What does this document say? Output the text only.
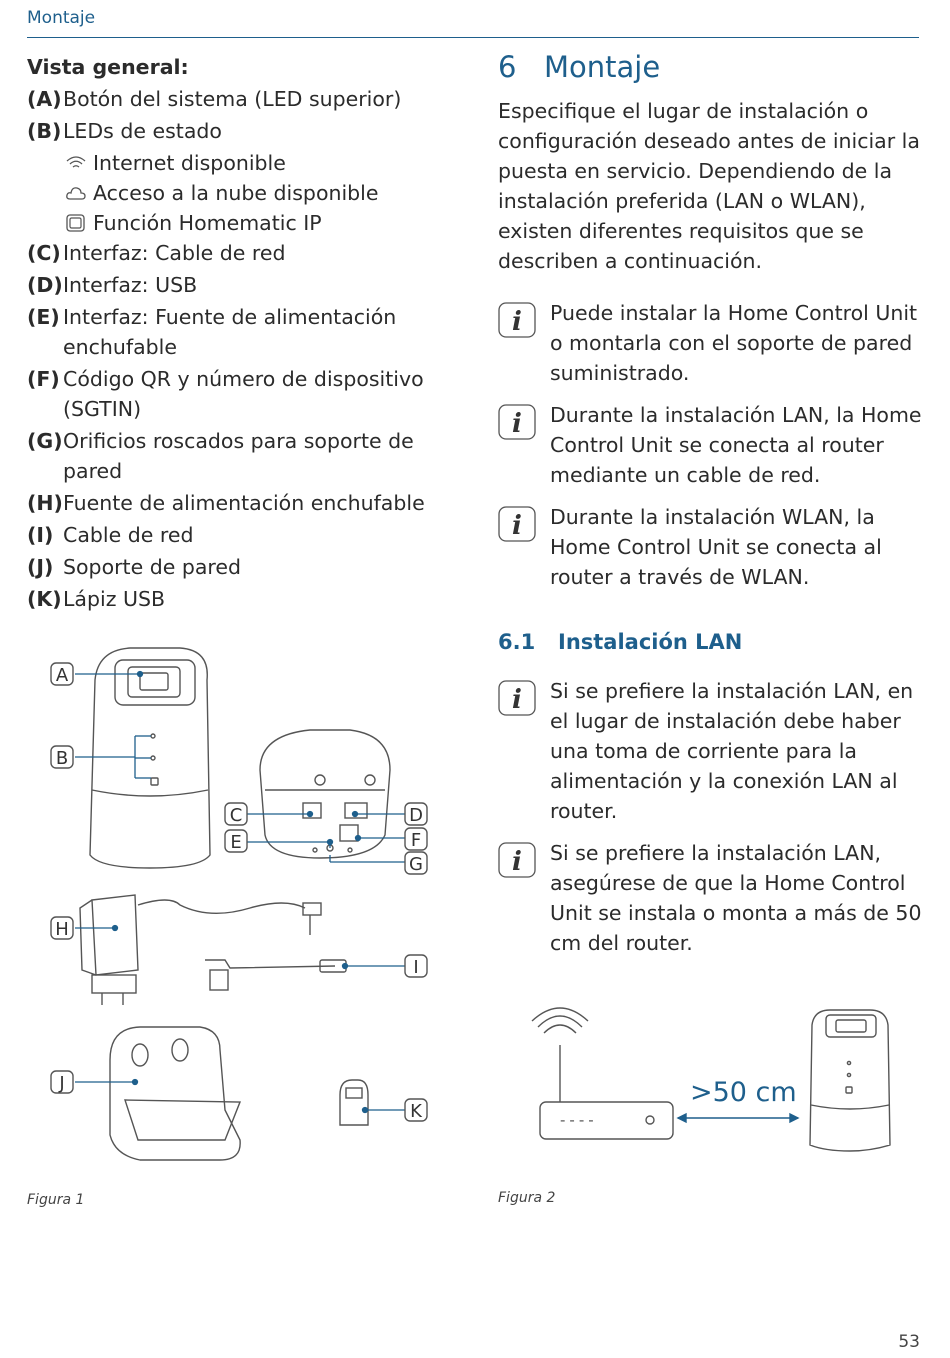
Montaje
Vista general:
(A) Botón del sistema (LED superior)
(B) LEDs de estado
Internet disponible
Acceso a la nube disponible
Función Homematic IP
(C) Interfaz: Cable de red
(D) Interfaz: USB
(E) Interfaz: Fuente de alimentación enchufable
(F) Código QR y número de dispositivo (SGTIN)
(G) Orificios roscados para soporte de pared
(H) Fuente de alimentación enchufable
(I) Cable de red
(J) Soporte de pared
(K) Lápiz USB
A
B
C	D
E	F
G
H
I
J
K
Figura 1
6 Montaje
Especifique el lugar de instalación o configuración deseado antes de iniciar la puesta en servicio. Dependiendo de la instalación preferida (LAN o WLAN), existen diferentes requisitos que se describen a continuación.
i Puede instalar la Home Control Unit o montarla con el soporte de pared suministrado.
i Durante la instalación LAN, la Home Control Unit se conecta al router mediante un cable de red.
i Durante la instalación WLAN, la Home Control Unit se conecta al router a través de WLAN.
6.1 Instalación LAN
i Si se prefiere la instalación LAN, en el lugar de instalación debe haber una toma de corriente para la alimentación y la conexión LAN al router.
i Si se prefiere la instalación LAN, asegúrese de que la Home Control Unit se instala o monta a más de 50 cm del router.
----
>50 cm
Figura 2
53
